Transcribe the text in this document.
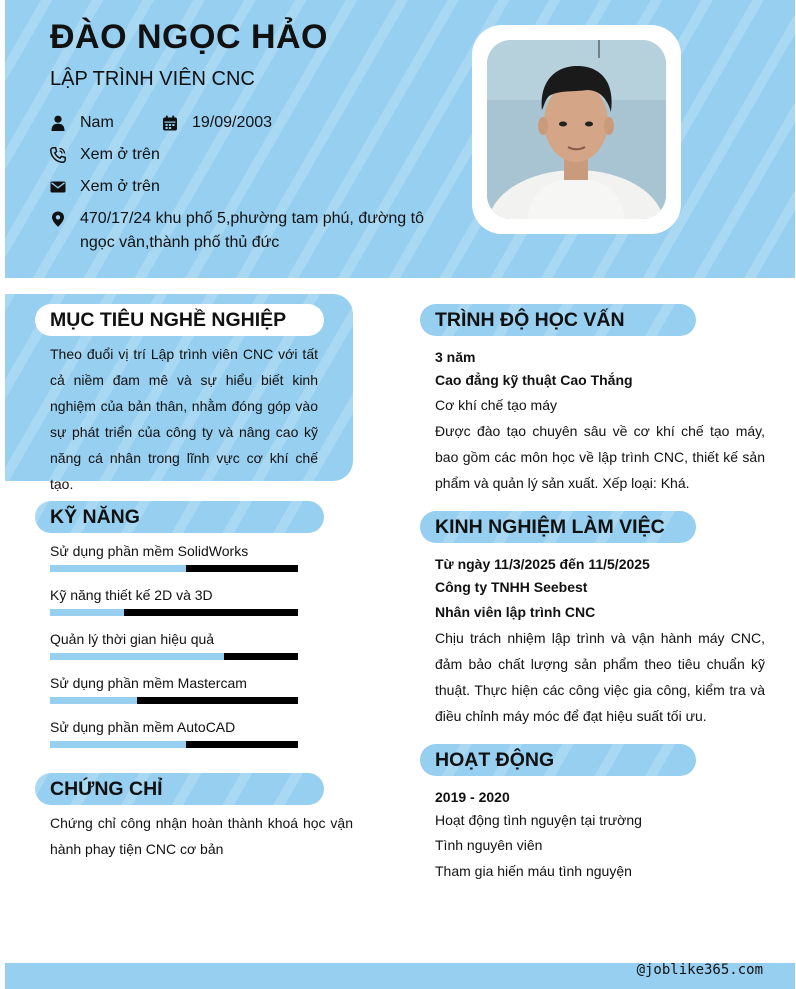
ĐÀO NGỌC HẢO
LẬP TRÌNH VIÊN CNC
Nam	19/09/2003
Xem ở trên
Xem ở trên
470/17/24 khu phố 5,phường tam phú, đường tô ngọc vân,thành phố thủ đức
MỤC TIÊU NGHỀ NGHIỆP
Theo đuổi vị trí Lập trình viên CNC với tất cả niềm đam mê và sự hiểu biết kinh nghiệm của bản thân, nhằm đóng góp vào sự phát triển của công ty và nâng cao kỹ năng cá nhân trong lĩnh vực cơ khí chế tạo.
KỸ NĂNG
Sử dụng phần mềm SolidWorks
Kỹ năng thiết kế 2D và 3D
Quản lý thời gian hiệu quả
Sử dụng phần mềm Mastercam
Sử dụng phần mềm AutoCAD
CHỨNG CHỈ
Chứng chỉ công nhận hoàn thành khoá học vận hành phay tiện CNC cơ bản
TRÌNH ĐỘ HỌC VẤN
3 năm
Cao đẳng kỹ thuật Cao Thắng
Cơ khí chế tạo máy
Được đào tạo chuyên sâu về cơ khí chế tạo máy, bao gồm các môn học về lập trình CNC, thiết kế sản phẩm và quản lý sản xuất. Xếp loại: Khá.
KINH NGHIỆM LÀM VIỆC
Từ ngày 11/3/2025 đến 11/5/2025
Công ty TNHH Seebest
Nhân viên lập trình CNC
Chịu trách nhiệm lập trình và vận hành máy CNC, đảm bảo chất lượng sản phẩm theo tiêu chuẩn kỹ thuật. Thực hiện các công việc gia công, kiểm tra và điều chỉnh máy móc để đạt hiệu suất tối ưu.
HOẠT ĐỘNG
2019 - 2020
Hoạt động tình nguyện tại trường
Tình nguyên viên
Tham gia hiến máu tình nguyện
@joblike365.com
